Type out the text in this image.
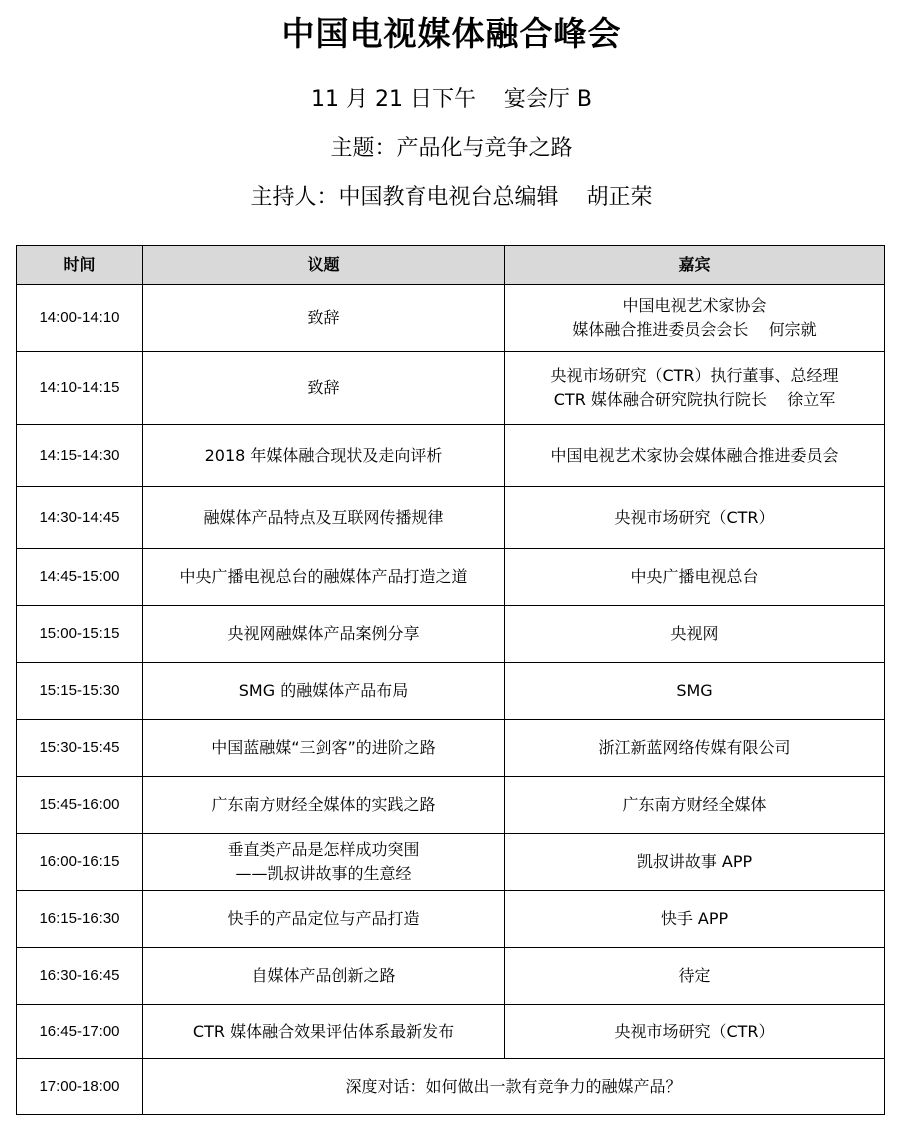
中国电视媒体融合峰会
11 月 21 日下午    宴会厅 B
主题：产品化与竞争之路
主持人：中国教育电视台总编辑    胡正荣
时间	议题	嘉宾
14:00-14:10	致辞	中国电视艺术家协会
媒体融合推进委员会会长    何宗就

14:10-14:15	致辞	央视市场研究（CTR）执行董事、总经理
CTR 媒体融合研究院执行院长    徐立军

14:15-14:30	2018 年媒体融合现状及走向评析	中国电视艺术家协会媒体融合推进委员会

14:30-14:45	融媒体产品特点及互联网传播规律	央视市场研究（CTR）

14:45-15:00	中央广播电视总台的融媒体产品打造之道	中央广播电视总台

15:00-15:15	央视网融媒体产品案例分享	央视网

15:15-15:30	SMG 的融媒体产品布局	SMG

15:30-15:45	中国蓝融媒“三剑客”的进阶之路	浙江新蓝网络传媒有限公司

15:45-16:00	广东南方财经全媒体的实践之路	广东南方财经全媒体

16:00-16:15	垂直类产品是怎样成功突围
——凯叔讲故事的生意经	凯叔讲故事 APP

16:15-16:30	快手的产品定位与产品打造	快手 APP

16:30-16:45	自媒体产品创新之路	待定

16:45-17:00	CTR 媒体融合效果评估体系最新发布	央视市场研究（CTR）

17:00-18:00	深度对话：如何做出一款有竞争力的融媒产品？	
